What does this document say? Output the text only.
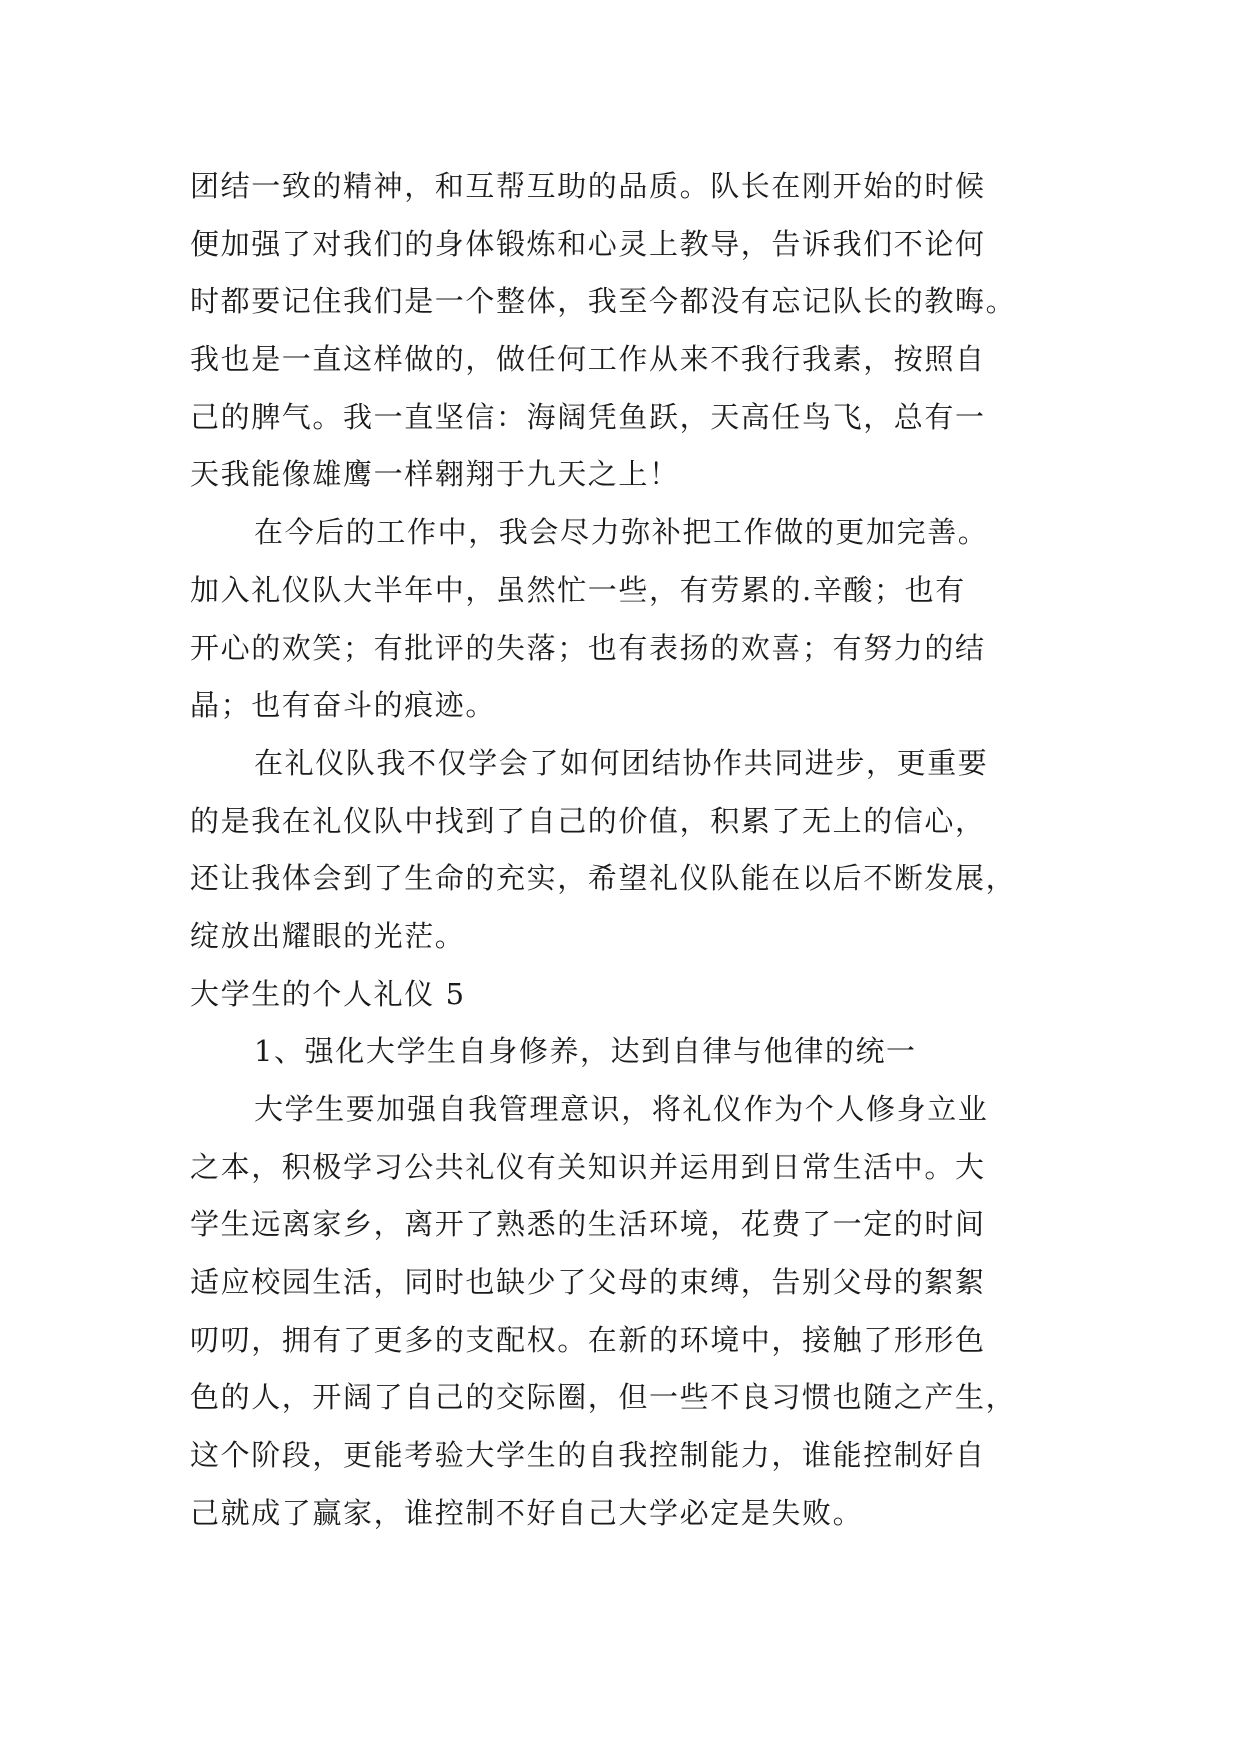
团结一致的精神，和互帮互助的品质。队长在刚开始的时候
便加强了对我们的身体锻炼和心灵上教导，告诉我们不论何
时都要记住我们是一个整体，我至今都没有忘记队长的教晦。
我也是一直这样做的，做任何工作从来不我行我素，按照自
己的脾气。我一直坚信：海阔凭鱼跃，天高任鸟飞，总有一
天我能像雄鹰一样翱翔于九天之上！
在今后的工作中，我会尽力弥补把工作做的更加完善。
加入礼仪队大半年中，虽然忙一些，有劳累的.辛酸；也有
开心的欢笑；有批评的失落；也有表扬的欢喜；有努力的结
晶；也有奋斗的痕迹。
在礼仪队我不仅学会了如何团结协作共同进步，更重要
的是我在礼仪队中找到了自己的价值，积累了无上的信心，
还让我体会到了生命的充实，希望礼仪队能在以后不断发展，
绽放出耀眼的光茫。
大学生的个人礼仪 5
1、强化大学生自身修养，达到自律与他律的统一
大学生要加强自我管理意识，将礼仪作为个人修身立业
之本，积极学习公共礼仪有关知识并运用到日常生活中。大
学生远离家乡，离开了熟悉的生活环境，花费了一定的时间
适应校园生活，同时也缺少了父母的束缚，告别父母的絮絮
叨叨，拥有了更多的支配权。在新的环境中，接触了形形色
色的人，开阔了自己的交际圈，但一些不良习惯也随之产生，
这个阶段，更能考验大学生的自我控制能力，谁能控制好自
己就成了赢家，谁控制不好自己大学必定是失败。
